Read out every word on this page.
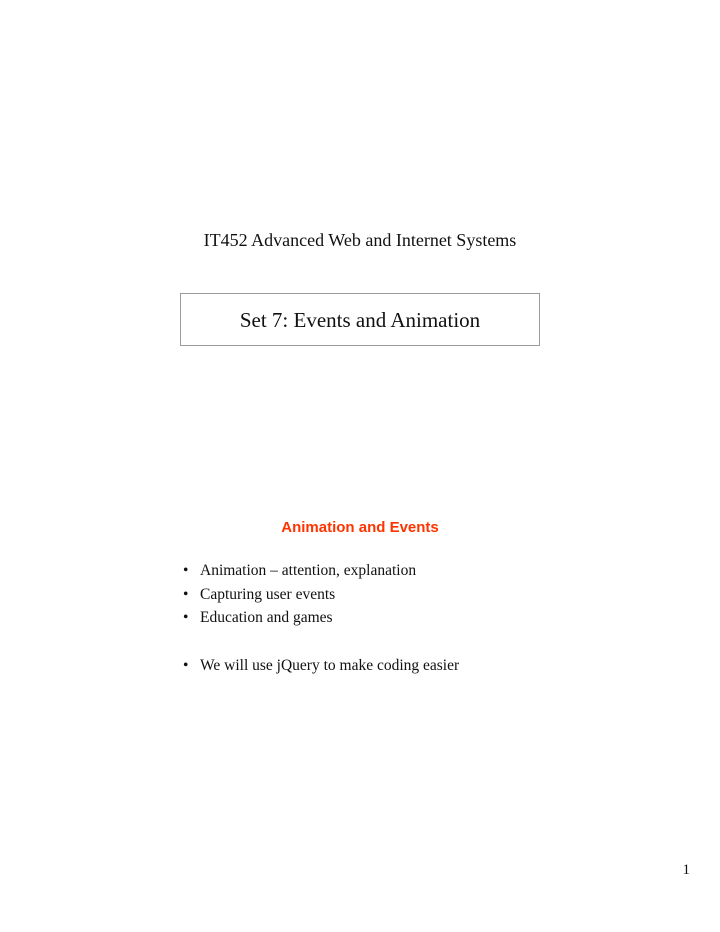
IT452 Advanced Web and Internet Systems
Set 7: Events and Animation
Animation and Events
• Animation – attention, explanation
• Capturing user events
• Education and games
• We will use jQuery to make coding easier
1
